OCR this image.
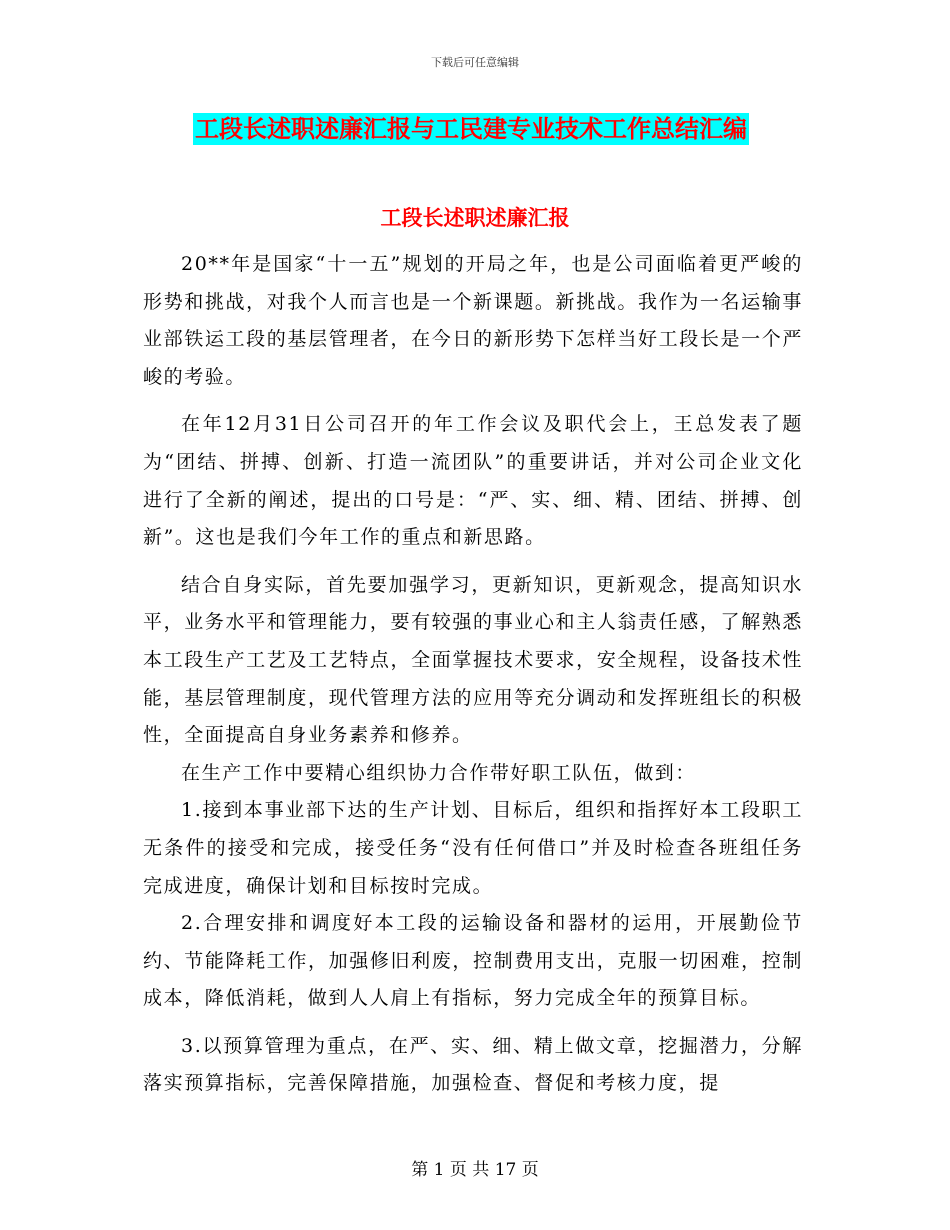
下载后可任意编辑
工段长述职述廉汇报与工民建专业技术工作总结汇编
工段长述职述廉汇报

20**年是国家“十一五”规划的开局之年，也是公司面临着更严峻的形势和挑战，对我个人而言也是一个新课题。新挑战。我作为一名运输事业部铁运工段的基层管理者，在今日的新形势下怎样当好工段长是一个严峻的考验。

在年12月31日公司召开的年工作会议及职代会上，王总发表了题为“团结、拼搏、创新、打造一流团队”的重要讲话，并对公司企业文化进行了全新的阐述，提出的口号是：“严、实、细、精、团结、拼搏、创新”。这也是我们今年工作的重点和新思路。

结合自身实际，首先要加强学习，更新知识，更新观念，提高知识水平，业务水平和管理能力，要有较强的事业心和主人翁责任感，了解熟悉本工段生产工艺及工艺特点，全面掌握技术要求，安全规程，设备技术性能，基层管理制度，现代管理方法的应用等充分调动和发挥班组长的积极性，全面提高自身业务素养和修养。

在生产工作中要精心组织协力合作带好职工队伍，做到：

1.接到本事业部下达的生产计划、目标后，组织和指挥好本工段职工无条件的接受和完成，接受任务“没有任何借口”并及时检查各班组任务完成进度，确保计划和目标按时完成。

2.合理安排和调度好本工段的运输设备和器材的运用，开展勤俭节约、节能降耗工作，加强修旧利废，控制费用支出，克服一切困难，控制成本，降低消耗，做到人人肩上有指标，努力完成全年的预算目标。

3.以预算管理为重点，在严、实、细、精上做文章，挖掘潜力，分解落实预算指标，完善保障措施，加强检查、督促和考核力度，提

第 1 页 共 17 页
